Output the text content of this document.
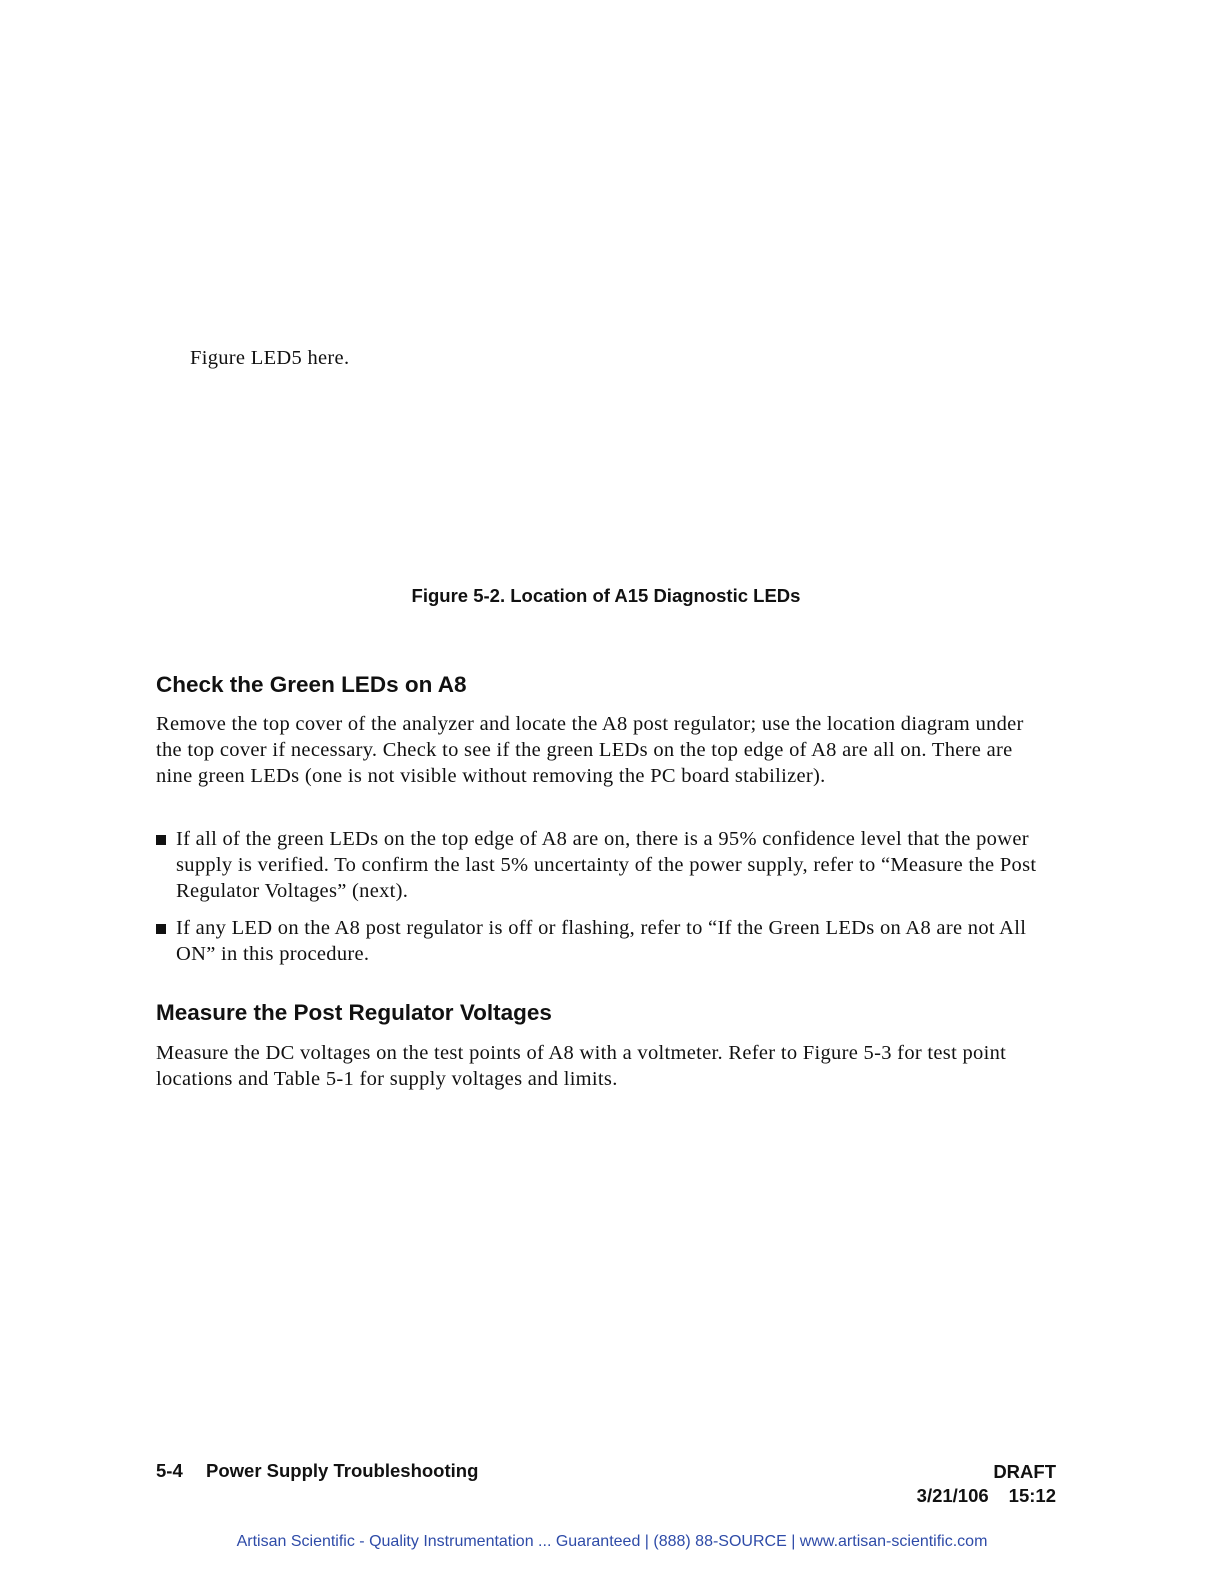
Figure LED5 here.
Figure 5-2. Location of A15 Diagnostic LEDs
Check the Green LEDs on A8
Remove the top cover of the analyzer and locate the A8 post regulator; use the location diagram under the top cover if necessary. Check to see if the green LEDs on the top edge of A8 are all on. There are nine green LEDs (one is not visible without removing the PC board stabilizer).
If all of the green LEDs on the top edge of A8 are on, there is a 95% confidence level that the power supply is verified. To confirm the last 5% uncertainty of the power supply, refer to “Measure the Post Regulator Voltages” (next).
If any LED on the A8 post regulator is off or flashing, refer to “If the Green LEDs on A8 are not All ON” in this procedure.
Measure the Post Regulator Voltages
Measure the DC voltages on the test points of A8 with a voltmeter. Refer to Figure 5-3 for test point locations and Table 5-1 for supply voltages and limits.
5-4 Power Supply Troubleshooting	DRAFT
3/21/106 15:12
Artisan Scientific - Quality Instrumentation ... Guaranteed | (888) 88-SOURCE | www.artisan-scientific.com
